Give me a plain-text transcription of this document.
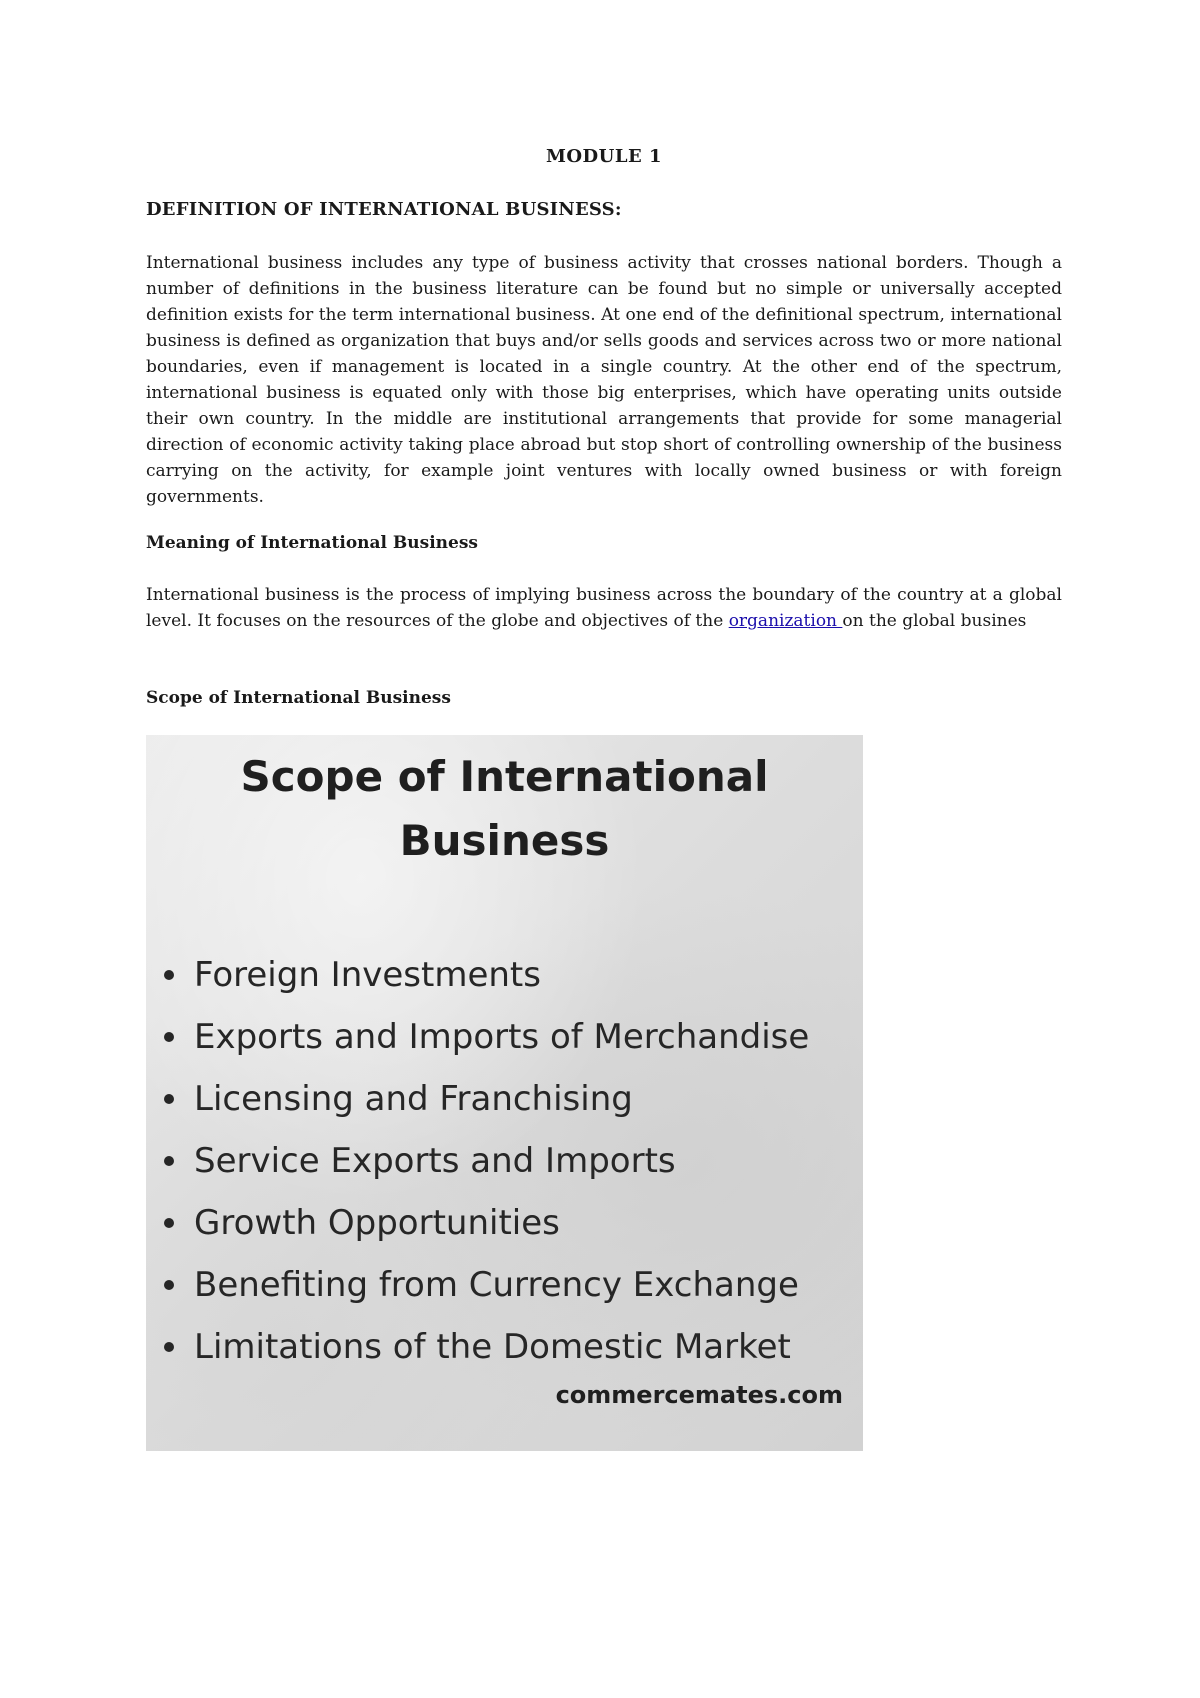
MODULE 1
DEFINITION OF INTERNATIONAL BUSINESS:

International business includes any type of business activity that crosses national borders. Though a number of definitions in the business literature can be found but no simple or universally accepted definition exists for the term international business. At one end of the definitional spectrum, international business is defined as organization that buys and/or sells goods and services across two or more national boundaries, even if management is located in a single country. At the other end of the spectrum, international business is equated only with those big enterprises, which have operating units outside their own country. In the middle are institutional arrangements that provide for some managerial direction of economic activity taking place abroad but stop short of controlling ownership of the business carrying on the activity, for example joint ventures with locally owned business or with foreign governments.

Meaning of International Business

International business is the process of implying business across the boundary of the country at a global level. It focuses on the resources of the globe and objectives of the organization on the global busines

Scope of International Business
Scope of International
Business
Foreign Investments
Exports and Imports of Merchandise
Licensing and Franchising
Service Exports and Imports
Growth Opportunities
Benefiting from Currency Exchange
Limitations of the Domestic Market
commercemates.com
